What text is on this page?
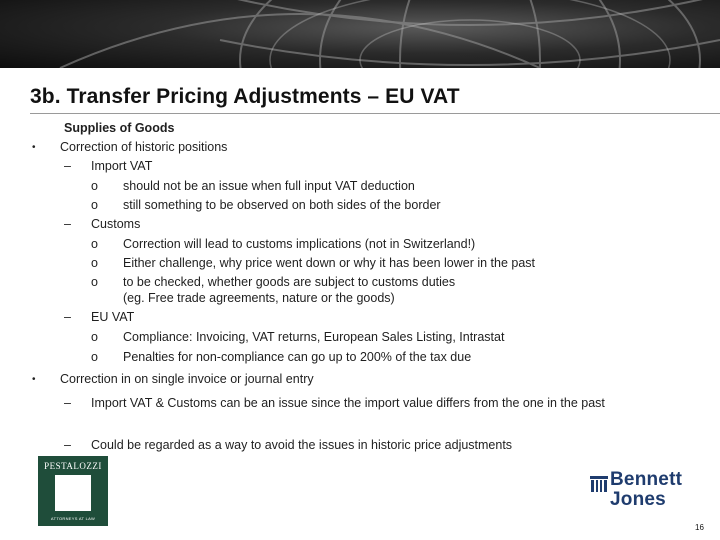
3b. Transfer Pricing Adjustments – EU VAT
Supplies of Goods
• Correction of historic positions
– Import VAT
o should not be an issue when full input VAT deduction
o still something to be observed on both sides of the border
– Customs
o Correction will lead to customs implications (not in Switzerland!)
o Either challenge, why price went down or why it has been lower in the past
o to be checked, whether goods are subject to customs duties
(eg. Free trade agreements, nature or the goods)
– EU VAT
o Compliance: Invoicing, VAT returns, European Sales Listing, Intrastat
o Penalties for non-compliance can go up to 200% of the tax due
• Correction in on single invoice or journal entry
– Import VAT & Customs can be an issue since the import value differs from the one in the past
– Could be regarded as a way to avoid the issues in historic price adjustments
PESTALOZZI
ATTORNEYS AT LAW
Bennett
Jones
16
